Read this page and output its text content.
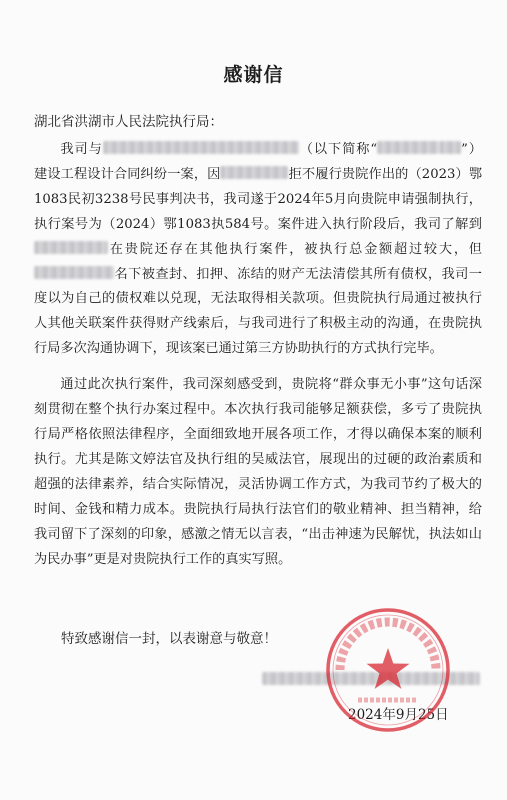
感谢信
湖北省洪湖市人民法院执行局：

我司与	（以下简称“	”）建设工程设计合同纠纷一案，因	拒不履行贵院作出的（2023）鄂1083民初3238号民事判决书，我司遂于2024年5月向贵院申请强制执行，执行案号为（2024）鄂1083执584号。案件进入执行阶段后，我司了解到在贵院还存在其他执行案件，被执行总金额超过较大，但名下被查封、扣押、冻结的财产无法清偿其所有债权，我司一度以为自己的债权难以兑现，无法取得相关款项。但贵院执行局通过被执行人其他关联案件获得财产线索后，与我司进行了积极主动的沟通，在贵院执行局多次沟通协调下，现该案已通过第三方协助执行的方式执行完毕。

通过此次执行案件，我司深刻感受到，贵院将“群众事无小事”这句话深刻贯彻在整个执行办案过程中。本次执行我司能够足额获偿，多亏了贵院执行局严格依照法律程序，全面细致地开展各项工作，才得以确保本案的顺利执行。尤其是陈文婷法官及执行组的吴威法官，展现出的过硬的政治素质和超强的法律素养，结合实际情况，灵活协调工作方式，为我司节约了极大的时间、金钱和精力成本。贵院执行局执行法官们的敬业精神、担当精神，给我司留下了深刻的印象，感激之情无以言表，“出击神速为民解忧，执法如山为民办事”更是对贵院执行工作的真实写照。

特致感谢信一封，以表谢意与敬意！
2024年9月25日
